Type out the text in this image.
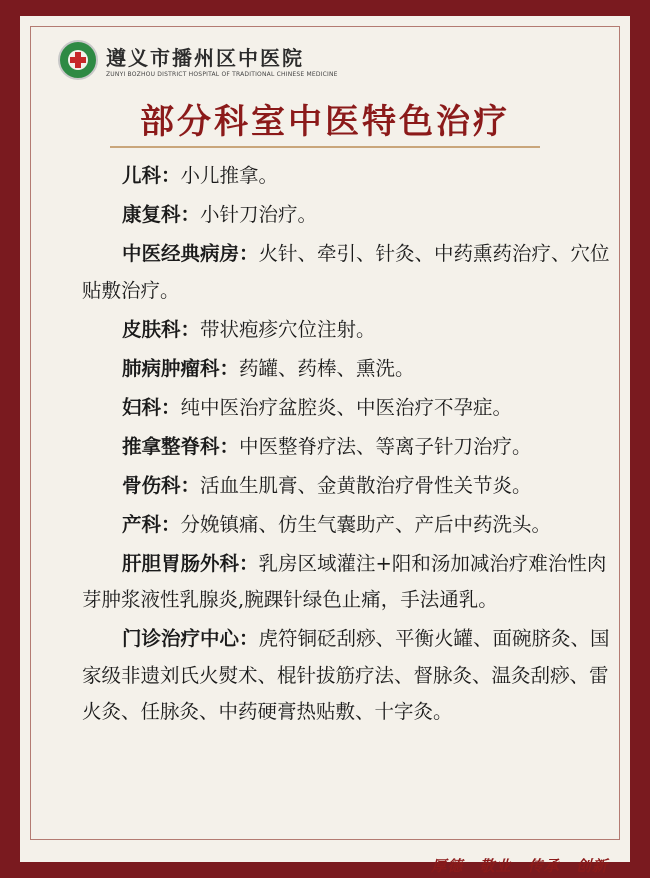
遵义市播州区中医院
ZUNYI BOZHOU DISTRICT HOSPITAL OF TRADITIONAL CHINESE MEDICINE
部分科室中医特色治疗

儿科：小儿推拿。

康复科：小针刀治疗。

中医经典病房：火针、牵引、针灸、中药熏药治疗、穴位贴敷治疗。

皮肤科：带状疱疹穴位注射。

肺病肿瘤科：药罐、药棒、熏洗。

妇科：纯中医治疗盆腔炎、中医治疗不孕症。

推拿整脊科：中医整脊疗法、等离子针刀治疗。

骨伤科：活血生肌膏、金黄散治疗骨性关节炎。

产科：分娩镇痛、仿生气囊助产、产后中药洗头。

肝胆胃肠外科：乳房区域灌注+阳和汤加减治疗难治性肉芽肿浆液性乳腺炎,腕踝针绿色止痛，手法通乳。

门诊治疗中心：虎符铜砭刮痧、平衡火罐、面碗脐灸、国家级非遗刘氏火熨术、棍针拔筋疗法、督脉灸、温灸刮痧、雷火灸、任脉灸、中药硬膏热贴敷、十字灸。

厚德 敬业 传承 创新
